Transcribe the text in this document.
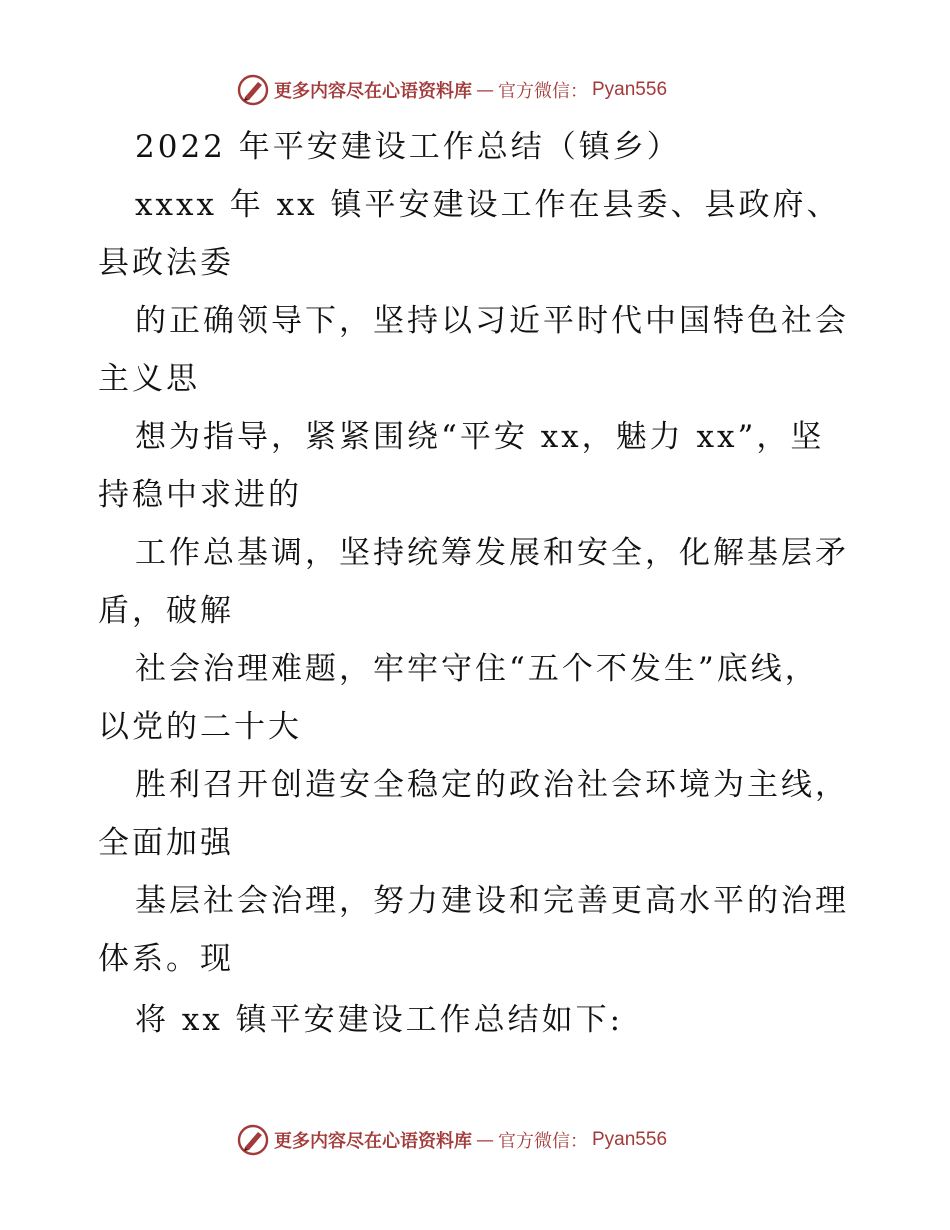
更多内容尽在心语资料库 — 官方微信： Pyan556
2022 年平安建设工作总结（镇乡）
xxxx 年 xx 镇平安建设工作在县委、县政府、
县政法委
的正确领导下，坚持以习近平时代中国特色社会
主义思
想为指导，紧紧围绕“平安 xx，魅力 xx”，坚
持稳中求进的
工作总基调，坚持统筹发展和安全，化解基层矛
盾，破解
社会治理难题，牢牢守住“五个不发生”底线，
以党的二十大
胜利召开创造安全稳定的政治社会环境为主线，
全面加强
基层社会治理，努力建设和完善更高水平的治理
体系。现
将 xx 镇平安建设工作总结如下:
更多内容尽在心语资料库 — 官方微信： Pyan556
